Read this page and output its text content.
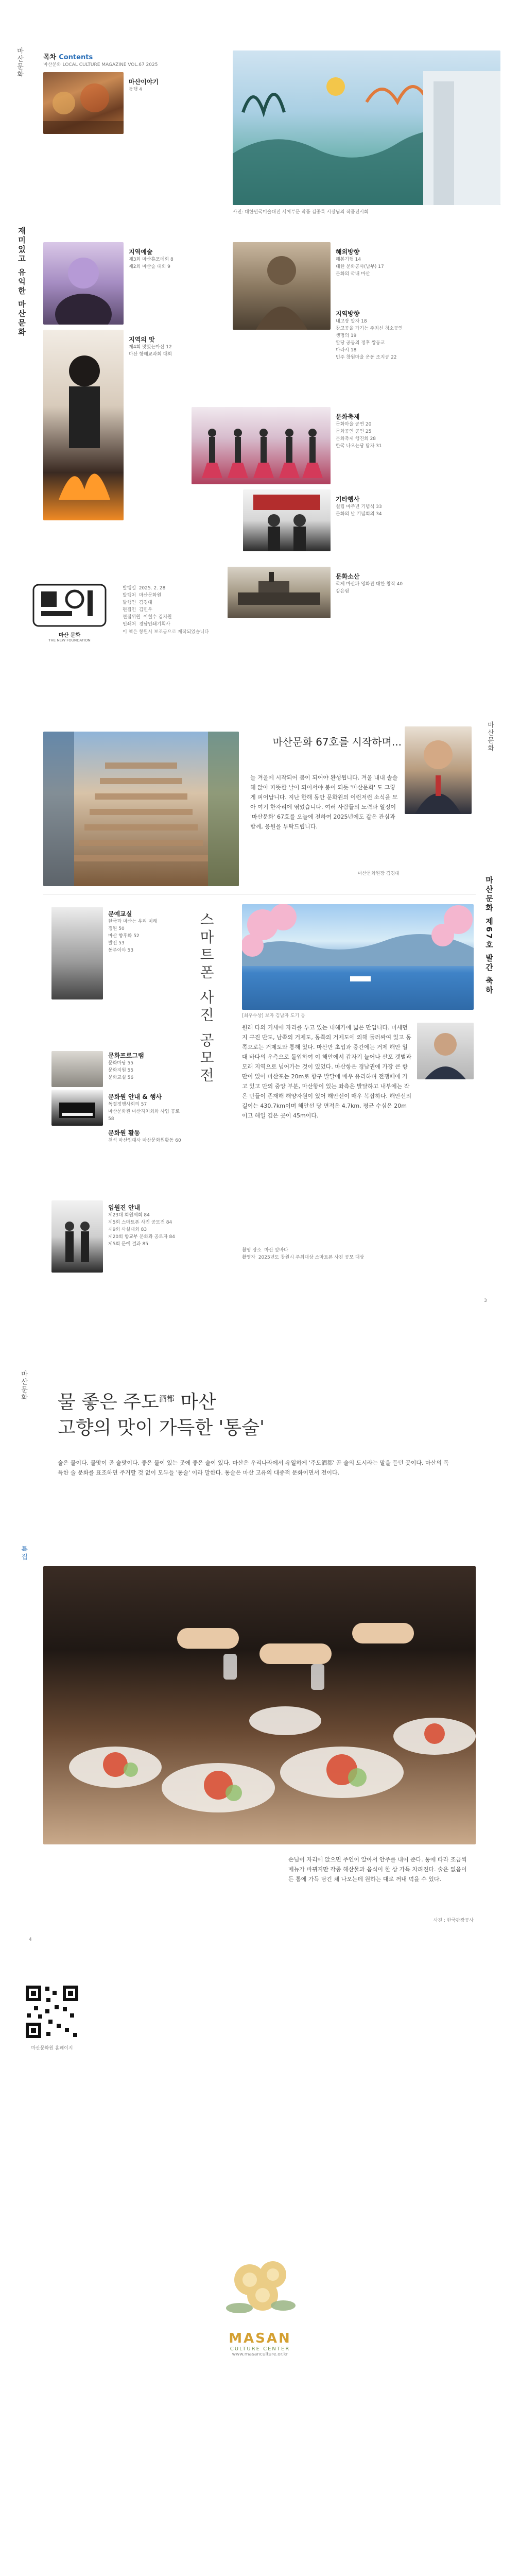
마산문화
재미있고 유익한 마산문화
목차 Contents
마산문화 LOCAL CULTURE MAGAZINE VOL.67 2025
사진: 대한민국미술대전 서예부문 작품 김종록 시장님의 작품전시회
마산이야기
동행 4
지역예술
제3회 마산휴포테회 8
제2회 마산숲 대회 9
지역의 맛
제4회 맛있는마산 12
마산 항해교과회 대회
해외방향
해봉기행 14
대한 문화공사(남부) 17
문화의 국내 마산
지역방향
내고장 알자 18
창고공을 가기는 주최신 청소공연
생명의 19
알당 공동의 정후 쌍동교
마라시 18
민주 창원마을 운동 조지공 22
문화축제
문화마을 공연 20
문화공연 공연 25
문화축제 행진회 28
한국 나오는당 탐자 31
기타행사
설림 마주년 기념식 33
문화의 날 기념회의 34
문화소산
국제 마산파 영화관 대한 창작 40
강은림
마산 문화
THE NEW FOUNDATION
발행일 2025. 2. 28
발행처 마산문화원
발행인 김경대
편집인 김민우
편집위원 이철수 김지원
인쇄처 경남인쇄기획사
이 책은 창원시 보조금으로 제작되었습니다
마산문화
마산문화 제67호 발간 축하
마산문화 67호를 시작하며...
늘 겨울에 시작되어 봄이 되어야 완성됩니다. 겨울 내내 솔솔해 앉아 따뜻한 날이 되어서야 봉이 되듯 '마산문화' 도 그렇게 피어납니다. 지난 한해 동안 문화원의 이런저런 소식을 모아 여기 한자리에 엮었습니다. 여러 사람들의 노력과 열정이 '마산문화' 67호를 오늘에 전하여 2025년에도 같은 관심과 함께, 응원을 부탁드립니다.
마산문화원장 김경대
문예교실
한국과 마산는 우리 미래
정원 50
마산 향후화 52
발전 53
동주이야 53
문화프로그램
문화마당 55
문화지원 55
문화교실 56
문화원 안내 & 행사
독결정행사회의 57
마산문화원 마산자치회화 사업 공로 58
문화원 활동
천석 마산임대사 마산문화원활동 60
임원진 안내
제23대 회원제회 84
제5회 스마트폰 사진 공모전 84
제9회 사설대회 83
제20회 향교부 문화과 공로자 84
제5회 문예 결과 85
스마트폰 사진 공모전	[최우수상] 보자 김남자 도기 등
원래 다의 거세에 자리를 두고 있는 내해가에 넓은 만입니다. 미세먼지 구진 반도, 남쪽의 거제도, 동쪽의 거제도에 의해 둘러싸여 있고 동쪽으로는 거제도와 통해 있다. 마산만 초입과 중간에는 거제 해안 일대 바다의 우측으로 돌입하여 이 해안에서 갑자기 늘어나 산포 갯벌과 모래 지역으로 넘어가는 것이 있었다. 마산항은 경남권에 가장 큰 항만이 있어 마산포는 20m로 항구 발달에 매우 유리하며 전쟁때에 가고 있고 만의 중앙 부분, 마산항이 있는 좌측은 발달하고 내부에는 작은 만들이 존재해 해양자원이 있어 해안선이 매우 복잡하다. 해안선의 길이는 430.7km이며 해안선 당 면적은 4.7km, 평균 수심은 20m이고 해일 깊은 곳이 45m이다.
촬영 장소 마산 앞바다
촬영자 2025년도 창원시 주최대상 스마트폰 사진 공모 대상
3
마산문화
물 좋은 주도$^{酒都}$ 마산
고향의 맛이 가득한 '통술'
술은 물이다. 물맛이 곧 술맛이다. 좋은 물이 있는 곳에 좋은 술이 있다. 마산은 우리나라에서 유일하게 '주도酒都' 곧 술의 도시라는 말을 듣던 곳이다. 마산의 독특한 술 문화를 표조하면 주거할 것 없이 모두들 '통술' 이라 말한다. 통술은 마산 고유의 대중적 문화이면서 전이다.
특집
손님이 자리에 앉으면 주인이 알아서 안주를 내어 준다. 통에 따라 조금씩 메뉴가 바뀌지만 각종 해산물과 음식이 한 상 가득 차려진다. 술은 없음이 든 통에 가득 담긴 채 나오는데 원하는 대로 꺼내 먹을 수 있다.
사진 : 한국관광공사
4
마산문화원 홈페이지
MASAN
CULTURE CENTER
www.masanculture.or.kr
